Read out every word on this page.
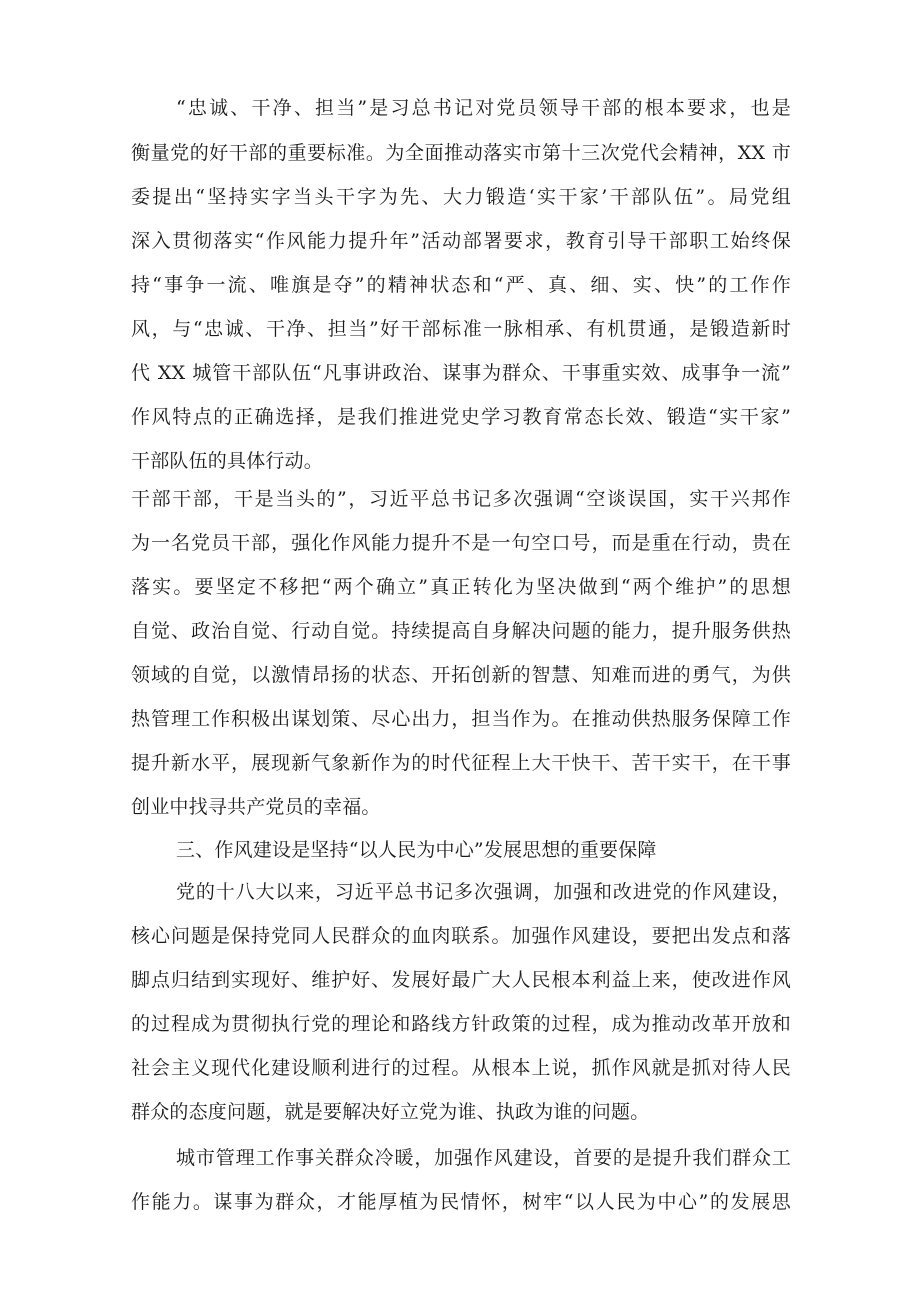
“忠诚、干净、担当”是习总书记对党员领导干部的根本要求，也是
衡量党的好干部的重要标准。为全面推动落实市第十三次党代会精神，XX 市
委提出“坚持实字当头干字为先、大力锻造‘实干家’干部队伍”。局党组
深入贯彻落实“作风能力提升年”活动部署要求，教育引导干部职工始终保
持“事争一流、唯旗是夺”的精神状态和“严、真、细、实、快”的工作作
风，与“忠诚、干净、担当”好干部标准一脉相承、有机贯通，是锻造新时
代 XX 城管干部队伍“凡事讲政治、谋事为群众、干事重实效、成事争一流”
作风特点的正确选择，是我们推进党史学习教育常态长效、锻造“实干家”
干部队伍的具体行动。
干部干部，干是当头的”，习近平总书记多次强调“空谈误国，实干兴邦作
为一名党员干部，强化作风能力提升不是一句空口号，而是重在行动，贵在
落实。要坚定不移把“两个确立”真正转化为坚决做到“两个维护”的思想
自觉、政治自觉、行动自觉。持续提高自身解决问题的能力，提升服务供热
领域的自觉，以激情昂扬的状态、开拓创新的智慧、知难而进的勇气，为供
热管理工作积极出谋划策、尽心出力，担当作为。在推动供热服务保障工作
提升新水平，展现新气象新作为的时代征程上大干快干、苦干实干，在干事
创业中找寻共产党员的幸福。
三、作风建设是坚持“以人民为中心”发展思想的重要保障
党的十八大以来，习近平总书记多次强调，加强和改进党的作风建设，
核心问题是保持党同人民群众的血肉联系。加强作风建设，要把出发点和落
脚点归结到实现好、维护好、发展好最广大人民根本利益上来，使改进作风
的过程成为贯彻执行党的理论和路线方针政策的过程，成为推动改革开放和
社会主义现代化建设顺利进行的过程。从根本上说，抓作风就是抓对待人民
群众的态度问题，就是要解决好立党为谁、执政为谁的问题。
城市管理工作事关群众冷暖，加强作风建设，首要的是提升我们群众工
作能力。谋事为群众，才能厚植为民情怀，树牢“以人民为中心”的发展思
